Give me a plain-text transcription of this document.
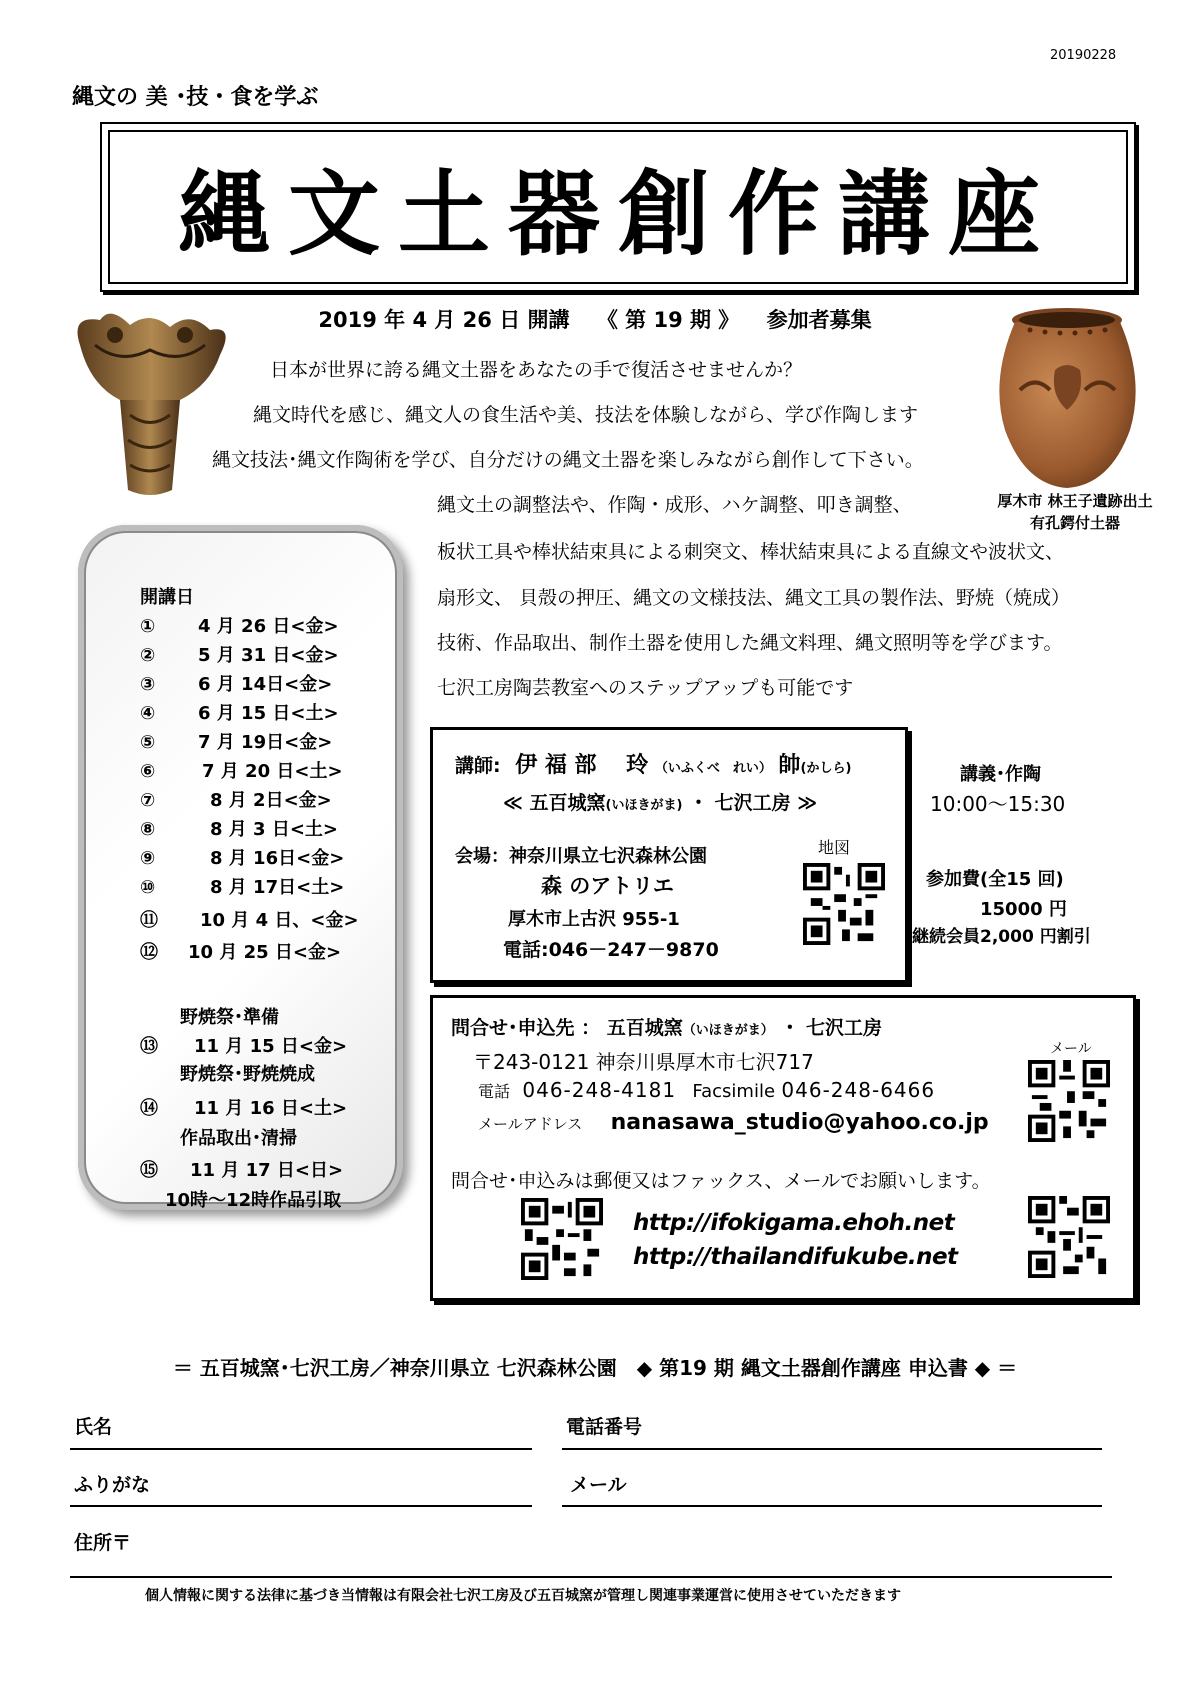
20190228
縄文の 美 ･技・食を学ぶ
縄文土器創作講座
2019 年 4 月 26 日 開講 《 第 19 期 》 参加者募集
厚木市 林王子遺跡出土
有孔鍔付土器
日本が世界に誇る縄文土器をあなたの手で復活させませんか？
縄文時代を感じ、縄文人の食生活や美、技法を体験しながら、学び作陶します
縄文技法･縄文作陶術を学び、自分だけの縄文土器を楽しみながら創作して下さい。
縄文土の調整法や、作陶・成形、ハケ調整、叩き調整、
板状工具や棒状結束具による刺突文、棒状結束具による直線文や波状文、
扇形文、 貝殻の押圧、縄文の文様技法、縄文工具の製作法、野焼（焼成）
技術、作品取出、制作土器を使用した縄文料理、縄文照明等を学びます。
七沢工房陶芸教室へのステップアップも可能です
開講日
① 4 月 26 日<金>
② 5 月 31 日<金>
③ 6 月 14日<金>
④ 6 月 15 日<土>
⑤ 7 月 19日<金>
⑥	7 月 20 日<土>
⑦	8 月 2日<金>
⑧	8 月 3 日<土>
⑨	8 月 16日<金>
⑩	8 月 17日<土>
⑪ 10 月 4 日、<金>
⑫ 10 月 25 日<金>
野焼祭･準備
⑬ 11 月 15 日<金>
野焼祭･野焼焼成
⑭ 11 月 16 日<土>
作品取出･清掃
⑮ 11 月 17 日<日>
10時～12時作品引取
講師: 伊 福 部　 玲 （いふくべ　れい） 帥(かしら)
≪ 五百城窯(いほきがま) ・ 七沢工房 ≫
会場：神奈川県立七沢森林公園
森 のアトリエ
厚木市上古沢 955-1
電話:046－247－9870
地図
講義･作陶
10:00～15:30
参加費(全15 回)
15000 円
継続会員2,000 円割引
問合せ･申込先 ： 五百城窯（いほきがま） ・ 七沢工房
〒243-0121 神奈川県厚木市七沢717
電話 046-248-4181 Facsimile 046-248-6466
メールアドレス nanasawa_studio@yahoo.co.jp
メール
問合せ･申込みは郵便又はファックス、メールでお願いします。
http://ifokigama.ehoh.net
http://thailandifukube.net
＝ 五百城窯･七沢工房／神奈川県立 七沢森林公園　◆ 第19 期 縄文土器創作講座 申込書 ◆ ＝
氏名	電話番号
ふりがな	メール
住所〒
個人情報に関する法律に基づき当情報は有限会社七沢工房及び五百城窯が管理し関連事業運営に使用させていただきます
